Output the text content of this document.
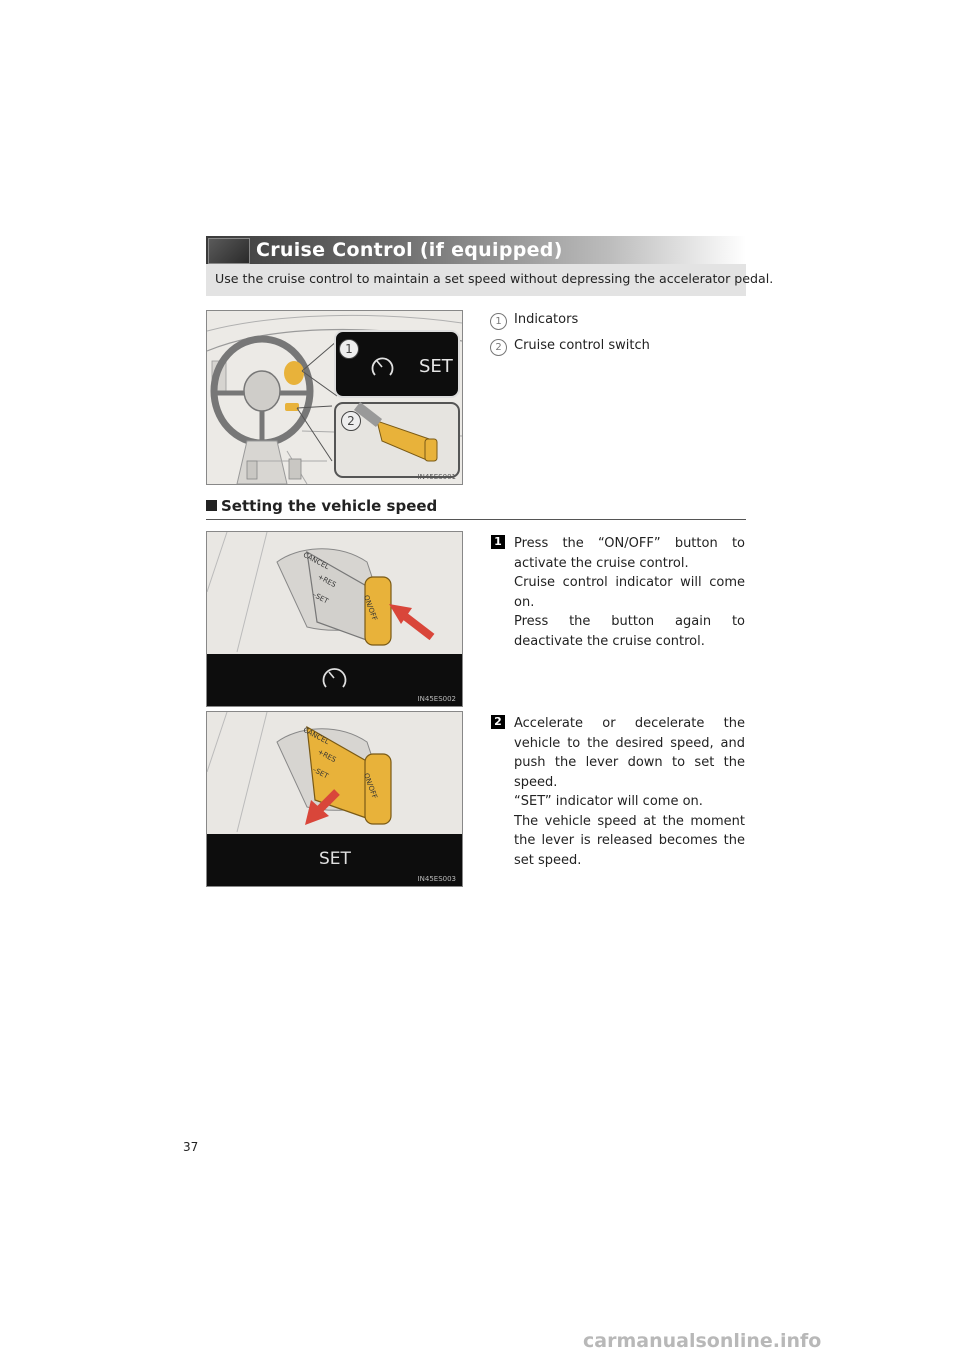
Cruise Control (if equipped)
Use the cruise control to maintain a set speed without depressing the accelerator pedal.
1
SET
2
IN45ES001
1 Indicators
2 Cruise control switch
Setting the vehicle speed
CANCEL
+RES
–SET	ON/OFF
IN45ES002
1 Press the “ON/OFF” button to activate the cruise control.

Cruise control indicator will come on.

Press the button again to deactivate the cruise control.

SET
CANCEL
+RES
–SET	ON/OFF
IN45ES003
2 Accelerate or decelerate the vehicle to the desired speed, and push the lever down to set the speed.

“SET” indicator will come on.

The vehicle speed at the moment the lever is released becomes the set speed.

37
carmanualsonline.info
